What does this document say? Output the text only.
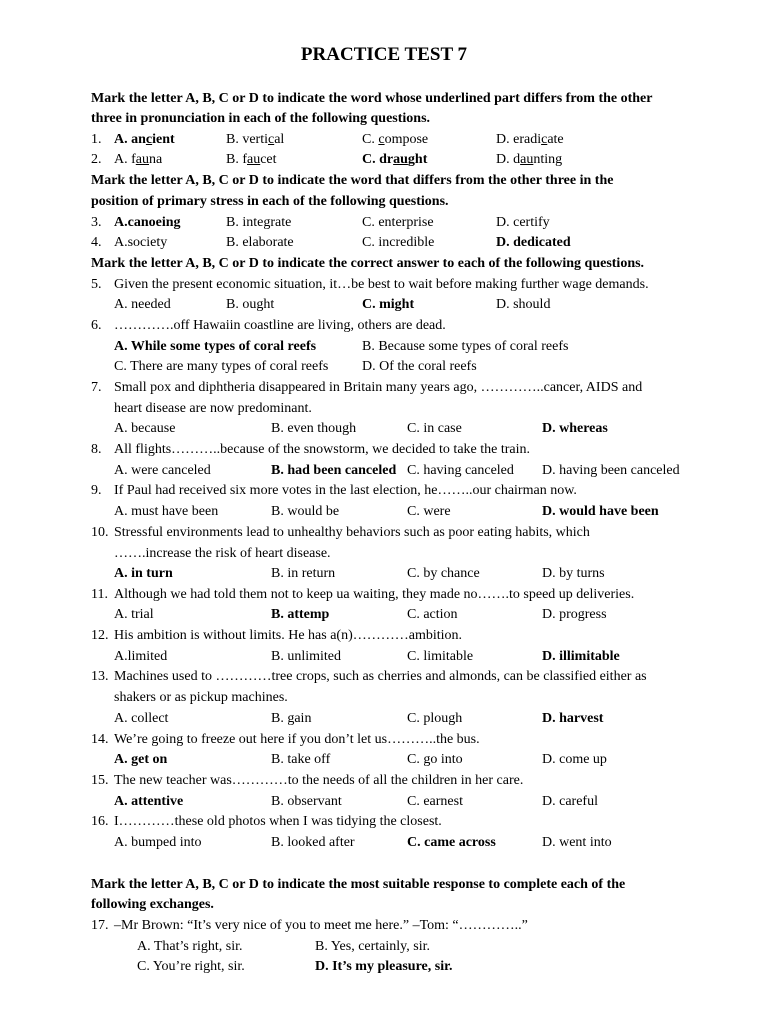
PRACTICE TEST 7
Mark the letter A, B, C or D to indicate the word whose underlined part differs from the other
three in pronunciation in each of the following questions.
1. A. ancient	B. vertical	C. compose	D. eradicate
2. A. fauna	B. faucet	C. draught	D. daunting
Mark the letter A, B, C or D to indicate the word that differs from the other three in the
position of primary stress in each of the following questions.
3. A.canoeing	B. integrate	C. enterprise	D. certify
4. A.society	B. elaborate	C. incredible	D. dedicated
Mark the letter A, B, C or D to indicate the correct answer to each of the following questions.
5. Given the present economic situation, it…be best to wait before making further wage demands.
A. needed	B. ought	C. might	D. should
6. ………….off Hawaiin coastline are living, others are dead.
A. While some types of coral reefs	B. Because some types of coral reefs
C. There are many types of coral reefs D. Of the coral reefs
7. Small pox and diphtheria disappeared in Britain many years ago, …………..cancer, AIDS and
heart disease are now predominant.
A. because	B. even though	C. in case	D. whereas
8. All flights………..because of the snowstorm, we decided to take the train.
A. were canceled	B. had been canceled C. having canceled D. having been canceled
9. If Paul had received six more votes in the last election, he……..our chairman now.
A. must have been	B. would be	C. were	D. would have been
10. Stressful environments lead to unhealthy behaviors such as poor eating habits, which
…….increase the risk of heart disease.
A. in turn	B. in return	C. by chance	D. by turns
11. Although we had told them not to keep ua waiting, they made no…….to speed up deliveries.
A. trial	B. attemp	C. action	D. progress
12. His ambition is without limits. He has a(n)…………ambition.
A.limited	B. unlimited	C. limitable	D. illimitable
13. Machines used to …………tree crops, such as cherries and almonds, can be classified either as
shakers or as pickup machines.
A. collect	B. gain	C. plough	D. harvest
14. We’re going to freeze out here if you don’t let us………..the bus.
A. get on	B. take off	C. go into	D. come up
15. The new teacher was…………to the needs of all the children in her care.
A. attentive	B. observant	C. earnest	D. careful
16. I…………these old photos when I was tidying the closest.
A. bumped into	B. looked after	C. came across	D. went into
Mark the letter A, B, C or D to indicate the most suitable response to complete each of the
following exchanges.
17. –Mr Brown: “It’s very nice of you to meet me here.” –Tom: “…………..”
A. That’s right, sir.	B. Yes, certainly, sir.
C. You’re right, sir.	D. It’s my pleasure, sir.
